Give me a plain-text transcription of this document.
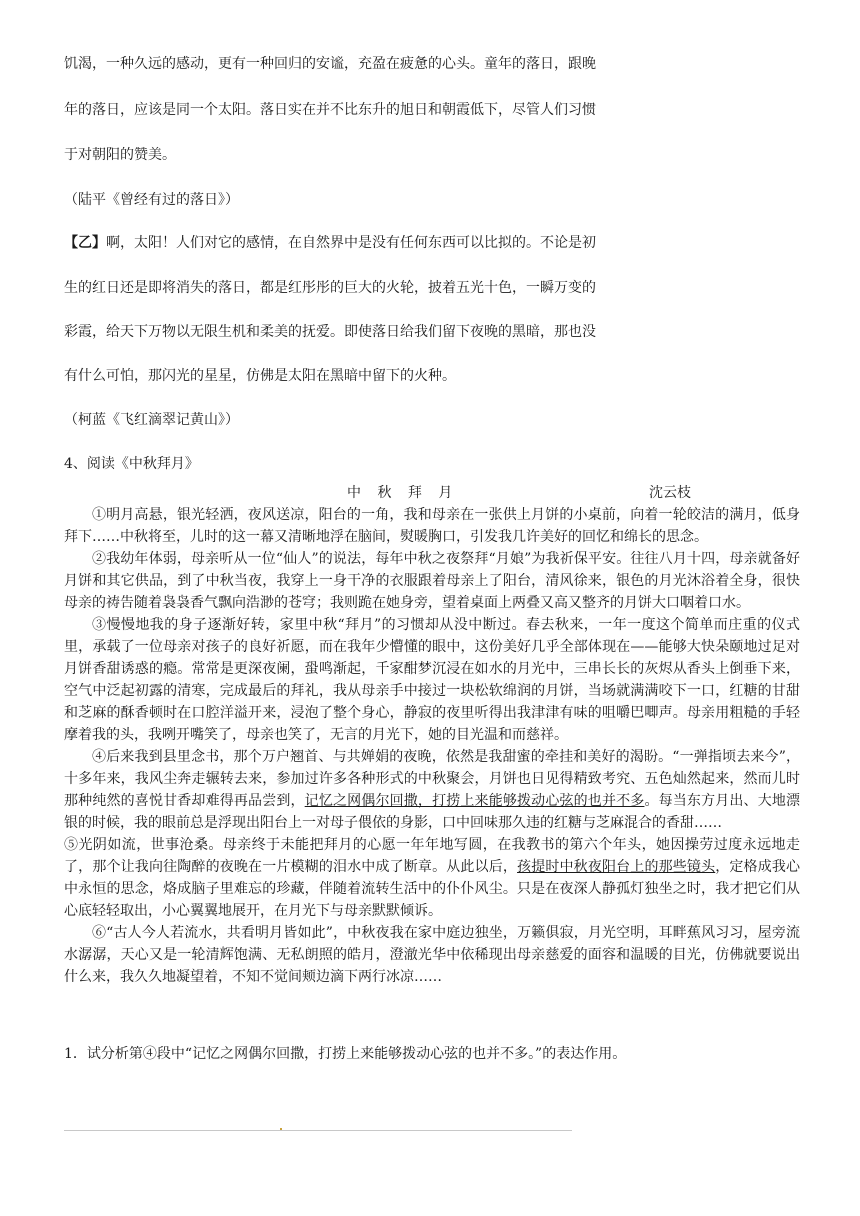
饥渴，一种久远的感动，更有一种回归的安谧，充盈在疲惫的心头。童年的落日，跟晚
年的落日，应该是同一个太阳。落日实在并不比东升的旭日和朝霞低下，尽管人们习惯
于对朝阳的赞美。
（陆平《曾经有过的落日》）
【乙】啊，太阳！人们对它的感情，在自然界中是没有任何东西可以比拟的。不论是初
生的红日还是即将消失的落日，都是红彤彤的巨大的火轮，披着五光十色，一瞬万变的
彩霞，给天下万物以无限生机和柔美的抚爱。即使落日给我们留下夜晚的黑暗，那也没
有什么可怕，那闪光的星星，仿佛是太阳在黑暗中留下的火种。
（柯蓝《飞红滴翠记黄山》）
4、阅读《中秋拜月》
中 秋 拜 月	沈云枝

①明月高悬，银光轻洒，夜风送凉，阳台的一角，我和母亲在一张供上月饼的小桌前，向着一轮皎洁的满月，低身拜下……中秋将至，儿时的这一幕又清晰地浮在脑间，熨暖胸口，引发我几许美好的回忆和绵长的思念。

②我幼年体弱，母亲听从一位“仙人”的说法，每年中秋之夜祭拜“月娘”为我祈保平安。往往八月十四，母亲就备好月饼和其它供品，到了中秋当夜，我穿上一身干净的衣服跟着母亲上了阳台，清风徐来，银色的月光沐浴着全身，很快母亲的祷告随着袅袅香气飘向浩渺的苍穹；我则跪在她身旁，望着桌面上两叠又高又整齐的月饼大口咽着口水。

③慢慢地我的身子逐渐好转，家里中秋“拜月”的习惯却从没中断过。春去秋来，一年一度这个简单而庄重的仪式里，承载了一位母亲对孩子的良好祈愿，而在我年少懵懂的眼中，这份美好几乎全部体现在——能够大快朵颐地过足对月饼香甜诱惑的瘾。常常是更深夜阑，蛩鸣渐起，千家酣梦沉浸在如水的月光中，三串长长的灰烬从香头上倒垂下来，空气中泛起初露的清寒，完成最后的拜礼，我从母亲手中接过一块松软绵润的月饼，当场就满满咬下一口，红糖的甘甜和芝麻的酥香顿时在口腔洋溢开来，浸泡了整个身心，静寂的夜里听得出我津津有味的咀嚼巴唧声。母亲用粗糙的手轻摩着我的头，我咧开嘴笑了，母亲也笑了，无言的月光下，她的目光温和而慈祥。

④后来我到县里念书，那个万户翘首、与共婵娟的夜晚，依然是我甜蜜的牵挂和美好的渴盼。“一弹指顷去来今”，十多年来，我风尘奔走辗转去来，参加过许多各种形式的中秋聚会，月饼也日见得精致考究、五色灿然起来，然而儿时那种纯然的喜悦甘香却难得再品尝到，记忆之网偶尔回撒，打捞上来能够拨动心弦的也并不多。每当东方月出、大地漂银的时候，我的眼前总是浮现出阳台上一对母子偎依的身影，口中回味那久违的红糖与芝麻混合的香甜……

⑤光阴如流，世事沧桑。母亲终于未能把拜月的心愿一年年地写圆，在我教书的第六个年头，她因操劳过度永远地走了，那个让我向往陶醉的夜晚在一片模糊的泪水中成了断章。从此以后，孩提时中秋夜阳台上的那些镜头，定格成我心中永恒的思念，烙成脑子里难忘的珍藏，伴随着流转生活中的仆仆风尘。只是在夜深人静孤灯独坐之时，我才把它们从心底轻轻取出，小心翼翼地展开，在月光下与母亲默默倾诉。

⑥“古人今人若流水，共看明月皆如此”，中秋夜我在家中庭边独坐，万籁俱寂，月光空明，耳畔蕉风习习，屋旁流水潺潺，天心又是一轮清辉饱满、无私朗照的皓月，澄澈光华中依稀现出母亲慈爱的面容和温暖的目光，仿佛就要说出什么来，我久久地凝望着，不知不觉间颊边滴下两行冰凉……

1．试分析第④段中“记忆之网偶尔回撒，打捞上来能够拨动心弦的也并不多。”的表达作用。
